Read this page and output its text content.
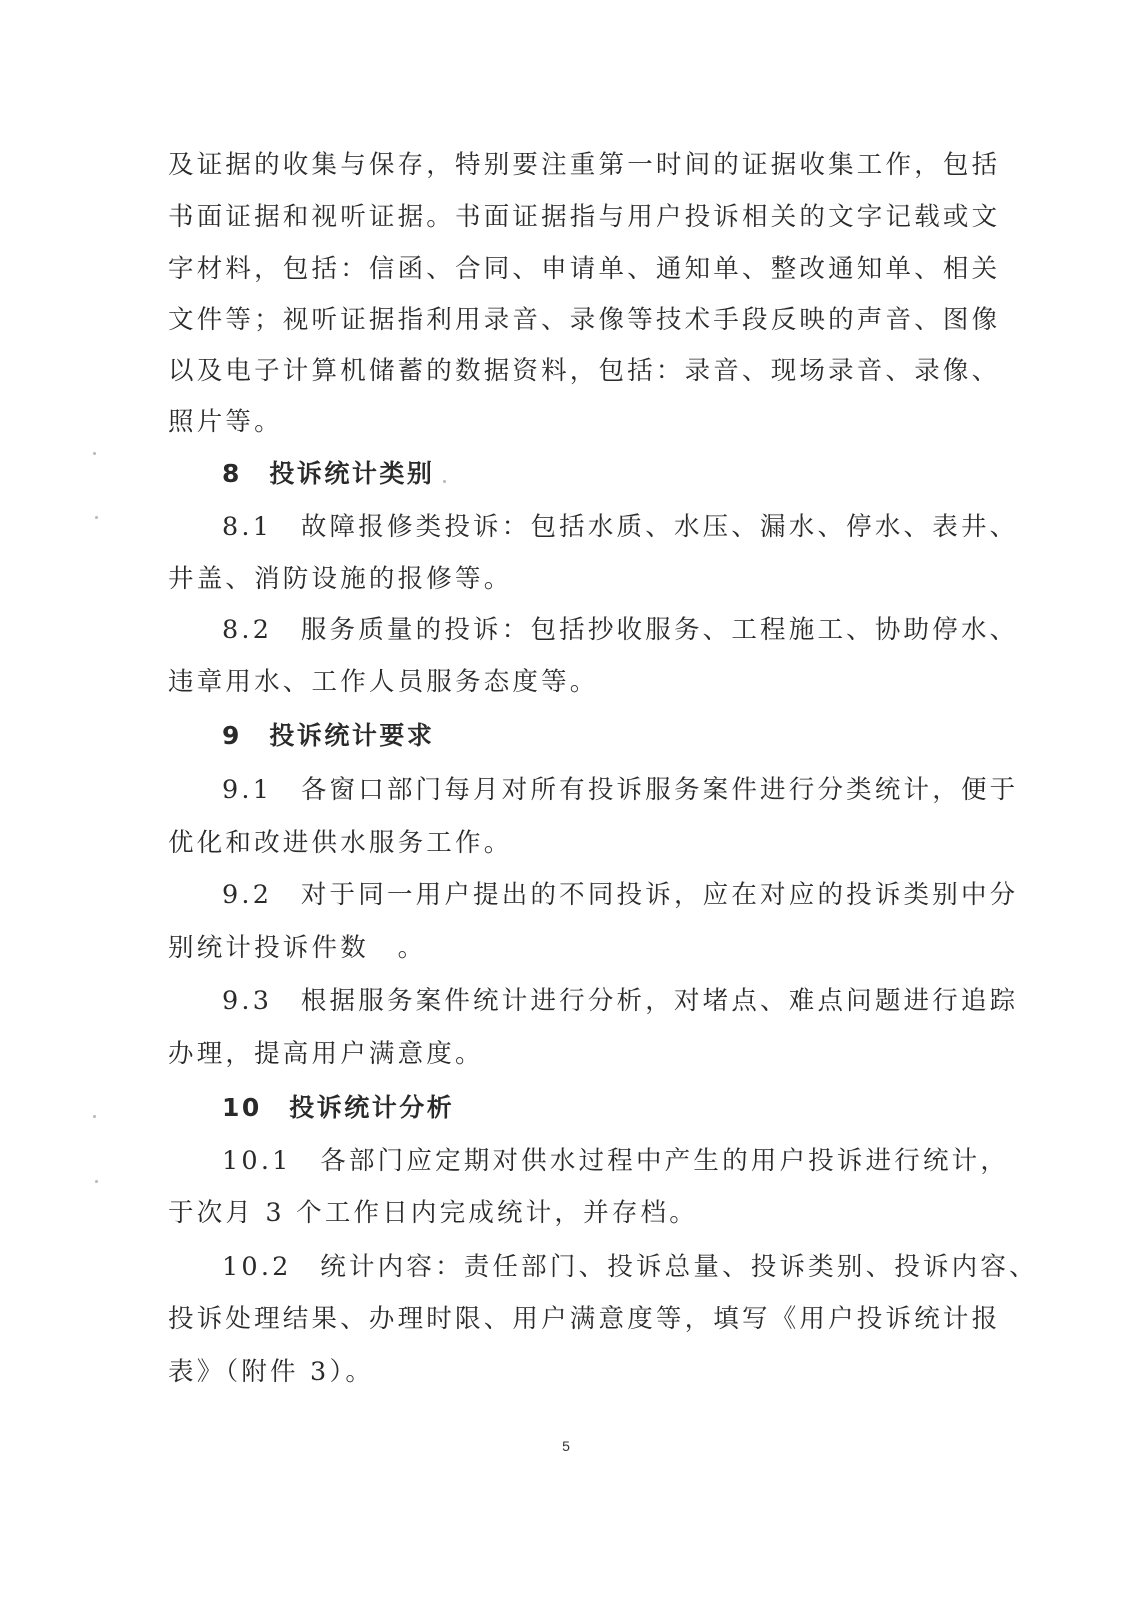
及证据的收集与保存，特别要注重第一时间的证据收集工作，包括
书面证据和视听证据。书面证据指与用户投诉相关的文字记载或文
字材料，包括：信函、合同、申请单、通知单、整改通知单、相关
文件等；视听证据指利用录音、录像等技术手段反映的声音、图像
以及电子计算机储蓄的数据资料，包括：录音、现场录音、录像、
照片等。
8　投诉统计类别
8.1　故障报修类投诉：包括水质、水压、漏水、停水、表井、
井盖、消防设施的报修等。
8.2　服务质量的投诉：包括抄收服务、工程施工、协助停水、
违章用水、工作人员服务态度等。
9　投诉统计要求
9.1　各窗口部门每月对所有投诉服务案件进行分类统计，便于
优化和改进供水服务工作。
9.2　对于同一用户提出的不同投诉，应在对应的投诉类别中分
别统计投诉件数　。
9.3　根据服务案件统计进行分析，对堵点、难点问题进行追踪
办理，提高用户满意度。
10　投诉统计分析
10.1　各部门应定期对供水过程中产生的用户投诉进行统计，
于次月 3 个工作日内完成统计，并存档。
10.2　统计内容：责任部门、投诉总量、投诉类别、投诉内容、
投诉处理结果、办理时限、用户满意度等，填写《用户投诉统计报
表》（附件 3）。
5
